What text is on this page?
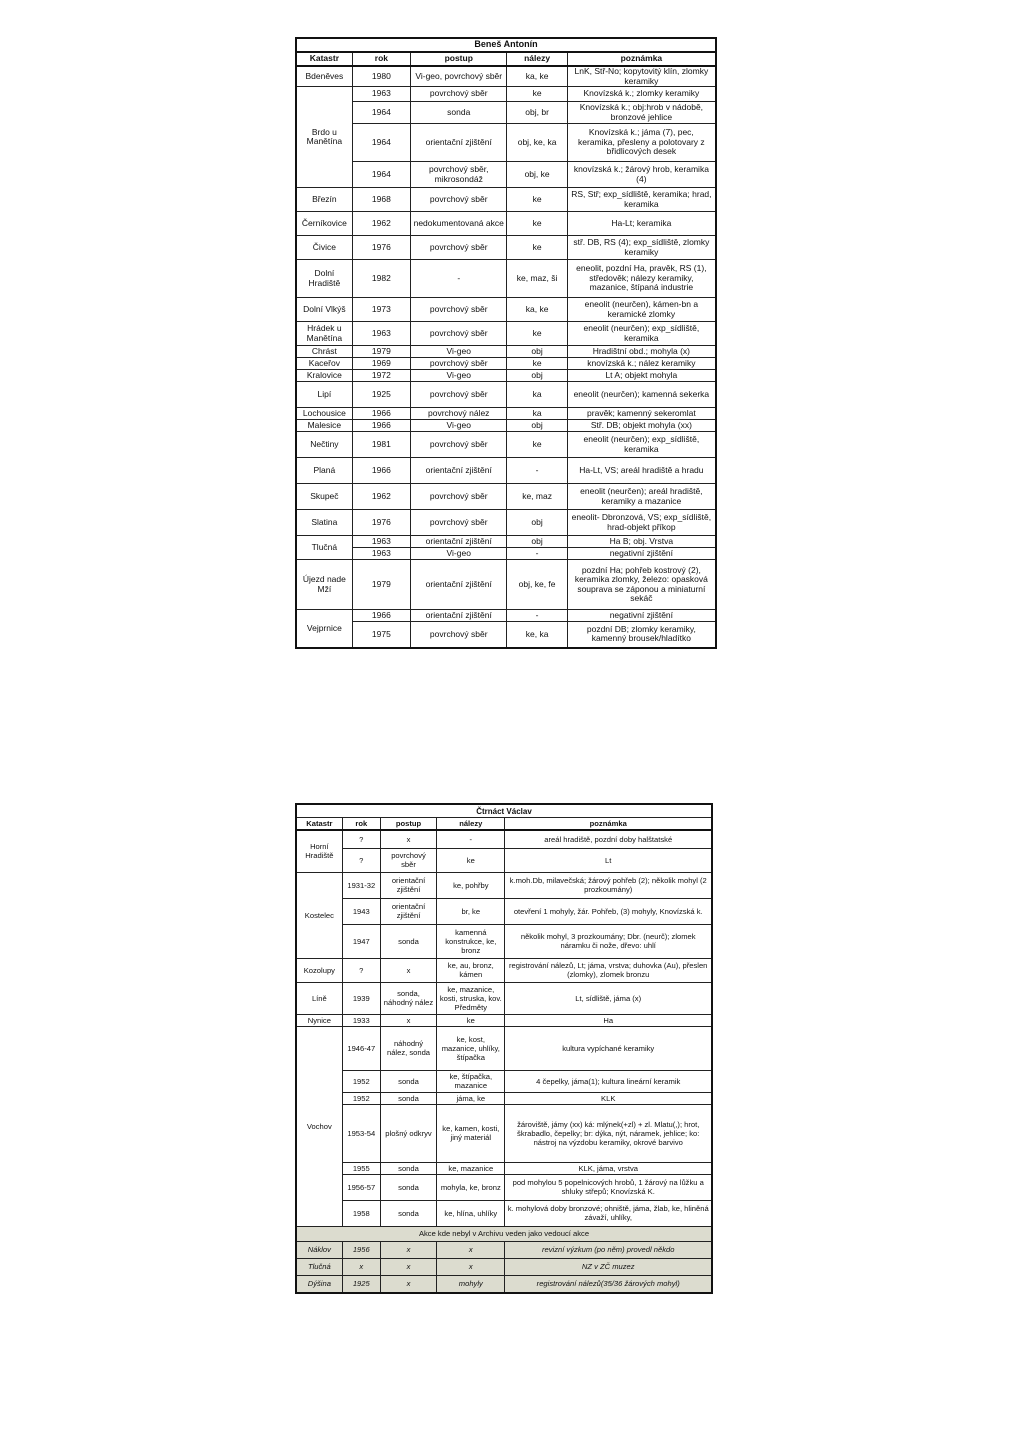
Beneš Antonín				
Katastr	rok	postup	nálezy	poznámka
Bdeněves	1980	Vi-geo, povrchový sběr	ka, ke	LnK, Stř-No; kopytovitý klín, zlomky keramiky
Brdo u Manětína	1963	povrchový sběr	ke	Knovízská k.; zlomky keramiky
	1964	sonda	obj, br	Knovízská k.; obj:hrob v nádobě, bronzové jehlice
	1964	orientační zjištění	obj, ke, ka	Knovízská k.; jáma (7), pec, keramika, přesleny a polotovary z břidlicových desek
	1964	povrchový sběr, mikrosondáž	obj, ke	knovízská k.; žárový hrob, keramika (4)
Březín	1968	povrchový sběr	ke	RS, Stř; exp_sídliště, keramika; hrad, keramika
Černíkovice	1962	nedokumentovaná akce	ke	Ha-Lt; keramika
Čivice	1976	povrchový sběr	ke	stř. DB, RS (4); exp_sídliště, zlomky keramiky
Dolní Hradiště	1982	-	ke, maz, ši	eneolit, pozdní Ha, pravěk, RS (1), středověk; nálezy keramiky, mazanice, štípaná industrie
Dolní Vlkýš	1973	povrchový sběr	ka, ke	eneolit (neurčen), kámen-bn a keramické zlomky
Hrádek u Manětína	1963	povrchový sběr	ke	eneolit (neurčen); exp_sídliště, keramika
Chrást	1979	Vi-geo	obj	Hradištní obd.; mohyla (x)
Kaceřov	1969	povrchový sběr	ke	knovízská k.; nález keramiky
Kralovice	1972	Vi-geo	obj	Lt A; objekt mohyla
Lipí	1925	povrchový sběr	ka	eneolit (neurčen); kamenná sekerka
Lochousice	1966	povrchový nález	ka	pravěk; kamenný sekeromlat
Malesice	1966	Vi-geo	obj	Stř. DB; objekt mohyla (xx)
Nečtiny	1981	povrchový sběr	ke	eneolit (neurčen); exp_sídliště, keramika
Planá	1966	orientační zjištění	-	Ha-Lt, VS; areál hradiště a hradu
Skupeč	1962	povrchový sběr	ke, maz	eneolit (neurčen); areál hradiště, keramiky a mazanice
Slatina	1976	povrchový sběr	obj	eneolit- Dbronzová, VS; exp_sídliště, hrad-objekt příkop
Tlučná	1963	orientační zjištění	obj	Ha B; obj. Vrstva
	1963	Vi-geo	-	negativní zjištění
Újezd nade Mží	1979	orientační zjištění	obj, ke, fe	pozdní Ha; pohřeb kostrový (2), keramika zlomky, železo: opasková souprava se záponou a miniaturní sekáč
Vejprnice	1966	orientační zjištění	-	negativní zjištění
	1975	povrchový sběr	ke, ka	pozdní DB; zlomky keramiky, kamenný brousek/hladítko
Čtrnáct Václav				
Katastr	rok	postup	nálezy	poznámka
Horní Hradiště	?	x	-	areál hradiště, pozdní doby halštatské
	?	povrchový sběr	ke	Lt
Kostelec	1931-32	orientační zjištění	ke, pohřby	k.moh.Db, milavečská; žárový pohřeb (2); několik mohyl (2 prozkoumány)
	1943	orientační zjištění	br, ke	otevření 1 mohyly, žár. Pohřeb, (3) mohyly, Knovízská k.
	1947	sonda	kamenná konstrukce, ke, bronz	několik mohyl, 3 prozkoumány; Dbr. (neurč); zlomek náramku či nože, dřevo: uhlí
Kozolupy	?	x	ke, au, bronz, kámen	registrování nálezů, Lt; jáma, vrstva; duhovka (Au), přeslen (zlomky), zlomek bronzu
Líně	1939	sonda, náhodný nález	ke, mazanice, kosti, struska, kov. Předměty	Lt, sídliště, jáma (x)
Nynice	1933	x	ke	Ha
Vochov	1946-47	náhodný nález, sonda	ke, kost, mazanice, uhlíky, štípačka	kultura vypíchané keramiky
	1952	sonda	ke, štípačka, mazanice	4 čepelky, jáma(1); kultura lineární keramik
	1952	sonda	jáma, ke	KLK
	1953-54	plošný odkryv	ke, kamen, kosti, jiný materiál	žároviště, jámy (xx) ká: mlýnek(+zl) + zl. Mlatu(,); hrot, škrabadlo, čepelky; br: dýka, nýt, náramek, jehlice; ko: nástroj na výzdobu keramiky, okrové barvivo
	1955	sonda	ke, mazanice	KLK, jáma, vrstva
	1956-57	sonda	mohyla, ke, bronz	pod mohylou 5 popelnicových hrobů, 1 žárový na lůžku a shluky střepů; Knovízská K.
	1958	sonda	ke, hlína, uhlíky	k. mohylová doby bronzové; ohniště, jáma, žlab, ke, hliněná závaží, uhlíky,
Akce kde nebyl v Archivu veden jako vedoucí akce				
Náklov	1956	x	x	revizní výzkum (po něm) provedl někdo
Tlučná	x	x	x	NZ v ZČ muzez
Dýšina	1925	x	mohyly	registrování nálezů(35/36 žárových mohyl)
